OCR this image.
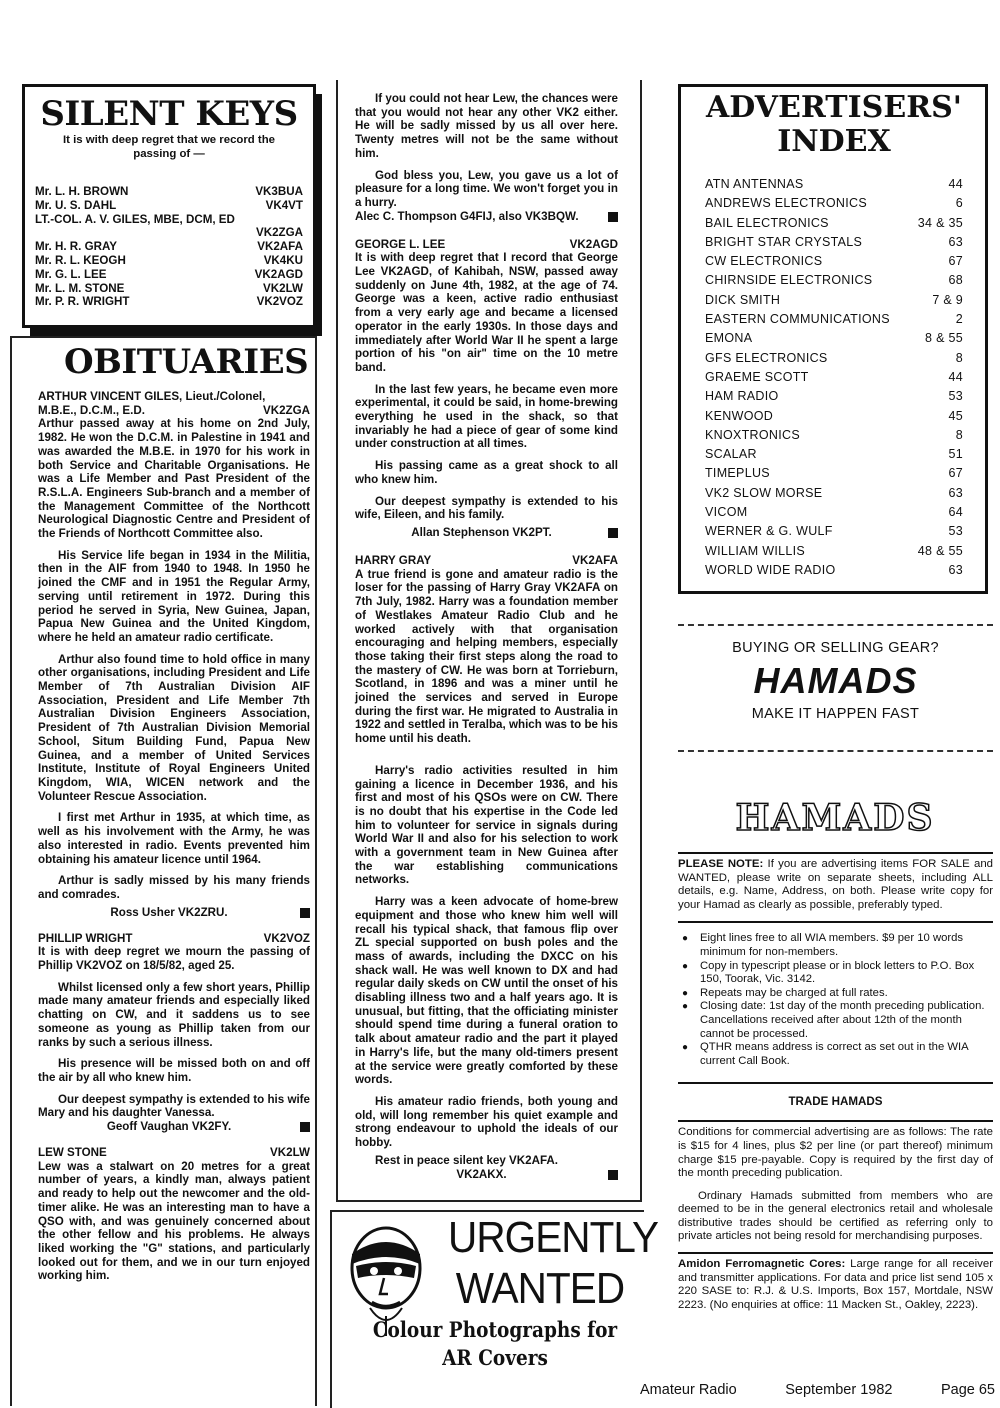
SILENT KEYS
It is with deep regret that we record the passing of —
Mr. L. H. BROWN	VK3BUA
Mr. U. S. DAHL	VK4VT
LT.-COL. A. V. GILES, MBE, DCM, ED
VK2ZGA
Mr. H. R. GRAY	VK2AFA
Mr. R. L. KEOGH	VK4KU
Mr. G. L. LEE	VK2AGD
Mr. L. M. STONE	VK2LW
Mr. P. R. WRIGHT	VK2VOZ
OBITUARIES
ARTHUR VINCENT GILES, Lieut./Colonel,
M.B.E., D.C.M., E.D.	VK2ZGA

Arthur passed away at his home on 2nd July, 1982. He won the D.C.M. in Palestine in 1941 and was awarded the M.B.E. in 1970 for his work in both Service and Charitable Organisations. He was a Life Member and Past President of the R.S.L.A. Engineers Sub-branch and a member of the Management Committee of the Northcott Neurological Diagnostic Centre and President of the Friends of Northcott Committee also.

His Service life began in 1934 in the Militia, then in the AIF from 1940 to 1948. In 1950 he joined the CMF and in 1951 the Regular Army, serving until retirement in 1972. During this period he served in Syria, New Guinea, Japan, Papua New Guinea and the United Kingdom, where he held an amateur radio certificate.

Arthur also found time to hold office in many other organisations, including President and Life Member of 7th Australian Division AIF Association, President and Life Member 7th Australian Division Engineers Association, President of 7th Australian Division Memorial School, Situm Building Fund, Papua New Guinea, and a member of United Services Institute, Institute of Royal Engineers United Kingdom, WIA, WICEN network and the Volunteer Rescue Association.

I first met Arthur in 1935, at which time, as well as his involvement with the Army, he was also interested in radio. Events prevented him obtaining his amateur licence until 1964.

Arthur is sadly missed by his many friends and comrades.

Ross Usher VK2ZRU.
PHILLIP WRIGHT	VK2VOZ

It is with deep regret we mourn the passing of Phillip VK2VOZ on 18/5/82, aged 25.

Whilst licensed only a few short years, Phillip made many amateur friends and especially liked chatting on CW, and it saddens us to see someone as young as Phillip taken from our ranks by such a serious illness.

His presence will be missed both on and off the air by all who knew him.

Our deepest sympathy is extended to his wife Mary and his daughter Vanessa.

Geoff Vaughan VK2FY.
LEW STONE	VK2LW

Lew was a stalwart on 20 metres for a great number of years, a kindly man, always patient and ready to help out the newcomer and the old-timer alike. He was an interesting man to have a QSO with, and was genuinely concerned about the other fellow and his problems. He always liked working the "G" stations, and particularly looked out for them, and we in our turn enjoyed working him.

If you could not hear Lew, the chances were that you would not hear any other VK2 either. He will be sadly missed by us all over here. Twenty metres will not be the same without him.

God bless you, Lew, you gave us a lot of pleasure for a long time. We won't forget you in a hurry.

Alec C. Thompson G4FIJ, also VK3BQW.
GEORGE L. LEE	VK2AGD

It is with deep regret that I record that George Lee VK2AGD, of Kahibah, NSW, passed away suddenly on June 4th, 1982, at the age of 74. George was a keen, active radio enthusiast from a very early age and became a licensed operator in the early 1930s. In those days and immediately after World War II he spent a large portion of his "on air" time on the 10 metre band.

In the last few years, he became even more experimental, it could be said, in home-brewing everything he used in the shack, so that invariably he had a piece of gear of some kind under construction at all times.

His passing came as a great shock to all who knew him.

Our deepest sympathy is extended to his wife, Eileen, and his family.

Allan Stephenson VK2PT.
HARRY GRAY	VK2AFA

A true friend is gone and amateur radio is the loser for the passing of Harry Gray VK2AFA on 7th July, 1982. Harry was a foundation member of Westlakes Amateur Radio Club and he worked actively with that organisation encouraging and helping members, especially those taking their first steps along the road to the mastery of CW. He was born at Torrieburn, Scotland, in 1896 and was a miner until he joined the services and served in Europe during the first war. He migrated to Australia in 1922 and settled in Teralba, which was to be his home until his death.

Harry's radio activities resulted in him gaining a licence in December 1936, and his first and most of his QSOs were on CW. There is no doubt that his expertise in the Code led him to volunteer for service in signals during World War II and also for his selection to work with a government team in New Guinea after the war establishing communications networks.

Harry was a keen advocate of home-brew equipment and those who knew him well will recall his typical shack, that famous flip over ZL special supported on bush poles and the mass of awards, including the DXCC on his shack wall. He was well known to DX and had regular daily skeds on CW until the onset of his disabling illness two and a half years ago. It is unusual, but fitting, that the officiating minister should spend time during a funeral oration to talk about amateur radio and the part it played in Harry's life, but the many old-timers present at the service were greatly comforted by these words.

His amateur radio friends, both young and old, will long remember his quiet example and strong endeavour to uphold the ideals of our hobby.

Rest in peace silent key VK2AFA.

VK2AKX.
URGENTLY
WANTED
Colour Photographs for
AR Covers
ADVERTISERS'
INDEX
ATN ANTENNAS	44
ANDREWS ELECTRONICS	6
BAIL ELECTRONICS	34 & 35
BRIGHT STAR CRYSTALS	63
CW ELECTRONICS	67
CHIRNSIDE ELECTRONICS	68
DICK SMITH	7 & 9
EASTERN COMMUNICATIONS	2
EMONA	8 & 55
GFS ELECTRONICS	8
GRAEME SCOTT	44
HAM RADIO	53
KENWOOD	45
KNOXTRONICS	8
SCALAR	51
TIMEPLUS	67
VK2 SLOW MORSE	63
VICOM	64
WERNER & G. WULF	53
WILLIAM WILLIS	48 & 55
WORLD WIDE RADIO	63
BUYING OR SELLING GEAR?
HAMADS
MAKE IT HAPPEN FAST
HAMADS

PLEASE NOTE: If you are advertising items FOR SALE and WANTED, please write on separate sheets, including ALL details, e.g. Name, Address, on both. Please write copy for your Hamad as clearly as possible, preferably typed.

● Eight lines free to all WIA members. $9 per 10 words minimum for non-members.
● Copy in typescript please or in block letters to P.O. Box 150, Toorak, Vic. 3142.
● Repeats may be charged at full rates.
● Closing date: 1st day of the month preceding publication. Cancellations received after about 12th of the month cannot be processed.
● QTHR means address is correct as set out in the WIA current Call Book.
TRADE HAMADS

Conditions for commercial advertising are as follows: The rate is $15 for 4 lines, plus $2 per line (or part thereof) minimum charge $15 pre-payable. Copy is required by the first day of the month preceding publication.

Ordinary Hamads submitted from members who are deemed to be in the general electronics retail and wholesale distributive trades should be certified as referring only to private articles not being resold for merchandising purposes.

Amidon Ferromagnetic Cores: Large range for all receiver and transmitter applications. For data and price list send 105 x 220 SASE to: R.J. & U.S. Imports, Box 157, Mortdale, NSW 2223. (No enquiries at office: 11 Macken St., Oakley, 2223).

Amateur Radio	September 1982	Page 65
